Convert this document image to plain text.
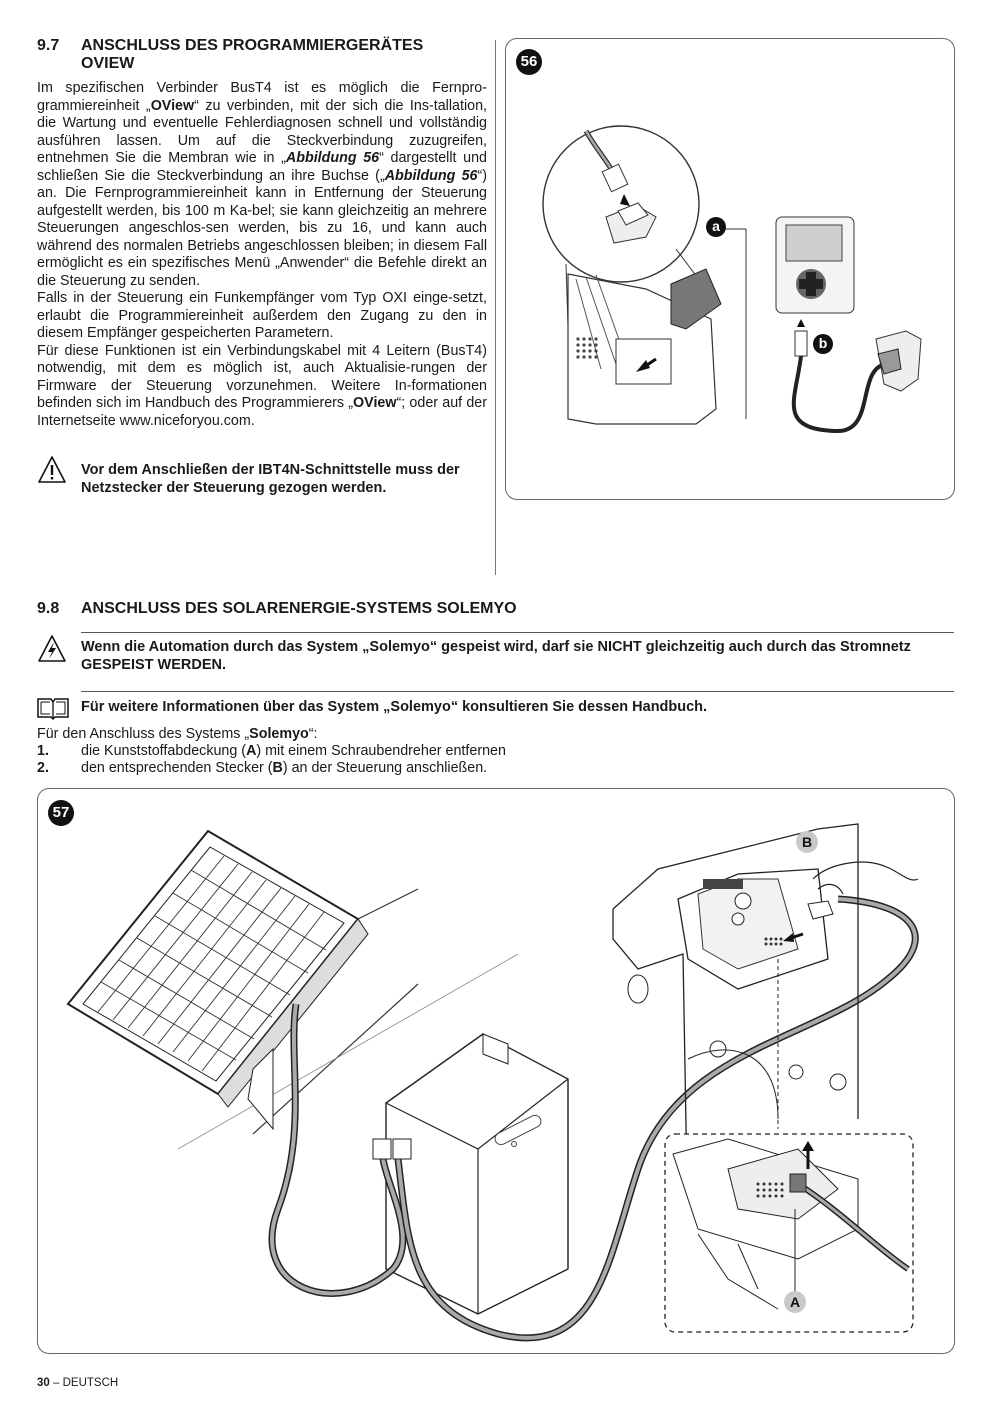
9.7 ANSCHLUSS DES PROGRAMMIERGERÄTES
OVIEW

Im spezifischen Verbinder BusT4 ist es möglich die Fernpro-grammiereinheit „OView“ zu verbinden, mit der sich die Ins-tallation, die Wartung und eventuelle Fehlerdiagnosen schnell und vollständig ausführen lassen. Um auf die Steckverbindung zuzugreifen, entnehmen Sie die Membran wie in „Abbildung 56“ dargestellt und schließen Sie die Steckverbindung an ihre Buchse („Abbildung 56“) an. Die Fernprogrammiereinheit kann in Entfernung der Steuerung aufgestellt werden, bis 100 m Ka-bel; sie kann gleichzeitig an mehrere Steuerungen angeschlos-sen werden, bis zu 16, und kann auch während des normalen Betriebs angeschlossen bleiben; in diesem Fall ermöglicht es ein spezifisches Menü „Anwender“ die Befehle direkt an die Steuerung zu senden.

Falls in der Steuerung ein Funkempfänger vom Typ OXI einge-setzt, erlaubt die Programmiereinheit außerdem den Zugang zu den in diesem Empfänger gespeicherten Parametern.

Für diese Funktionen ist ein Verbindungskabel mit 4 Leitern (BusT4) notwendig, mit dem es möglich ist, auch Aktualisie-rungen der Firmware der Steuerung vorzunehmen. Weitere In-formationen befinden sich im Handbuch des Programmierers „OView“; oder auf der Internetseite www.niceforyou.com.

Vor dem Anschließen der IBT4N-Schnittstelle muss der Netzstecker der Steuerung gezogen werden.
56
a
b
9.8 ANSCHLUSS DES SOLARENERGIE-SYSTEMS SOLEMYO
Wenn die Automation durch das System „Solemyo“ gespeist wird, darf sie NICHT gleichzeitig auch durch das Stromnetz GESPEIST WERDEN.
Für weitere Informationen über das System „Solemyo“ konsultieren Sie dessen Handbuch.
Für den Anschluss des Systems „Solemyo“:
1. die Kunststoffabdeckung (A) mit einem Schraubendreher entfernen
2. den entsprechenden Stecker (B) an der Steuerung anschließen.
57
B
A
30 – DEUTSCH
